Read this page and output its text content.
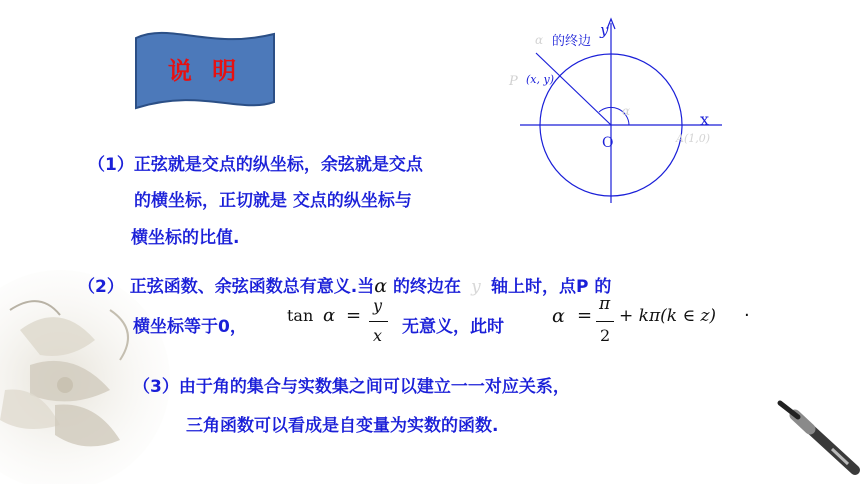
说 明
y
x
O
α 的终边
P (x, y)
α
A(1,0)
（1）正弦就是交点的纵坐标，余弦就是交点
的横坐标，正切就是 交点的纵坐标与
横坐标的比值.
（2） 正弦函数、余弦函数总有意义.当α 的终边在 y 轴上时，点P 的
横坐标等于0，
tan α = y
x 无意义，此时	α =
π
2
+ kπ(k ∈ z) ·
（3）由于角的集合与实数集之间可以建立一一对应关系，
三角函数可以看成是自变量为实数的函数.
